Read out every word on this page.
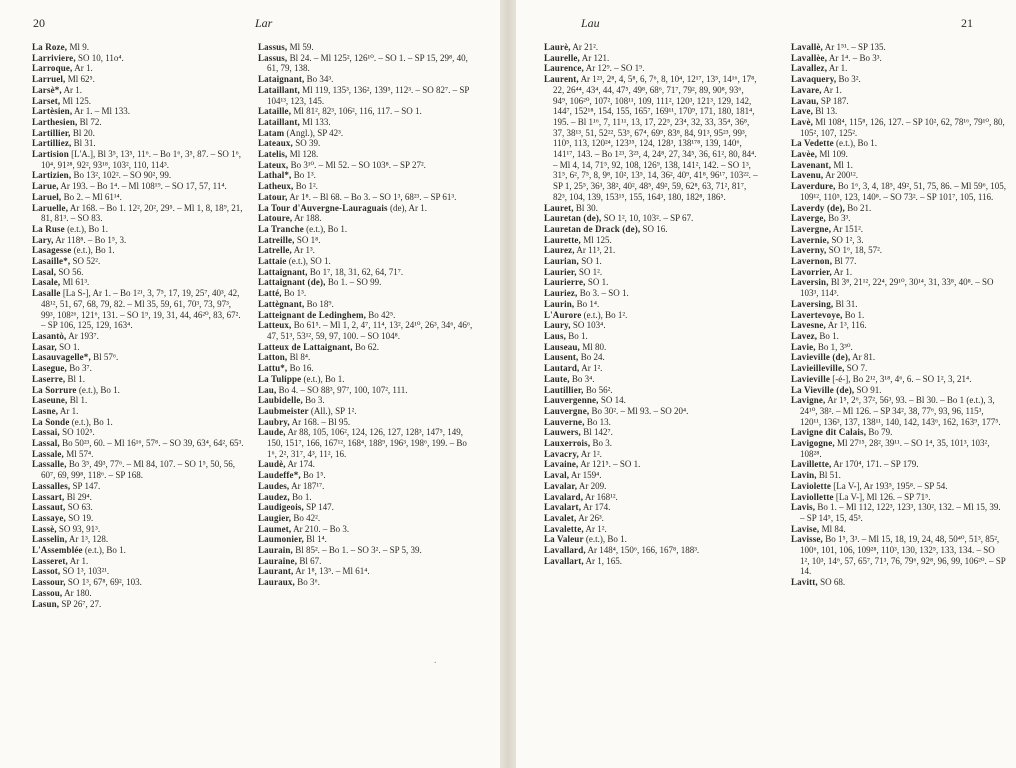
20	Lar

La Roze, Ml 9.

Larriviere, SO 10, 11o⁴.

Larroque, Ar 1.

Larruel, Ml 62⁵.

Larsè*, Ar 1.

Larset, Ml 125.

Lartèsien, Ar 1. – Ml 133.

Larthesien, Bl 72.

Lartillier, Bl 20.

Lartilliez, Bl 31.

Lartision [L'A.], Bl 3⁵, 13⁵, 11⁶. – Bo 1⁶, 3⁵, 87. – SO 1⁶, 10⁴, 91²⁸, 92², 93¹⁸, 103², 110, 114³.

Lartizien, Bo 13², 102². – SO 90², 99.

Larue, Ar 193. – Bo 1⁴. – Ml 108¹⁹. – SO 17, 57, 11⁴.

Laruel, Bo 2. – Ml 61¹⁴.

Laruelle, Ar 168. – Bo 1. 12², 20², 29⁵. – Ml 1, 8, 18⁹, 21, 81, 81³. – SO 83.

La Ruse (e.t.), Bo 1.

Lary, Ar 118⁸. – Bo 1⁵, 3.

Lasagesse (e.t.), Bo 1.

Lasaille*, SO 52².

Lasal, SO 56.

Lasale, Ml 61³.

Lasalle [La S-], Ar 1. – Bo 1²¹, 3, 7⁵, 17, 19, 25⁷, 40³, 42, 48¹², 51, 67, 68, 79, 82. – Ml 35, 59, 61, 70³, 73, 97³, 99³, 108²⁶, 121⁶, 131. – SO 1⁹, 19, 31, 44, 46²⁰, 83, 67². – SP 106, 125, 129, 163⁴.

Lasantò, Ar 193⁷.

Lasar, SO 1.

Lasauvagelle*, Bl 57⁶.

Lasegue, Bo 3⁷.

Laserre, Bl 1.

La Sorrure (e.t.), Bo 1.

Laseune, Bl 1.

Lasne, Ar 1.

La Sonde (e.t.), Bo 1.

Lassai, SO 102⁵.

Lassal, Bo 50²³, 60. – Ml 16¹⁶, 57⁸. – SO 39, 63⁴, 64², 65³.

Lassale, Ml 57⁴.

Lassalle, Bo 3⁵, 49³, 77⁶. – Ml 84, 107. – SO 1⁵, 50, 56, 60⁷, 69, 99⁸, 118⁶. – SP 168.

Lassalles, SP 147.

Lassart, Bl 29⁴.

Lassaut, SO 63.

Lassaye, SO 19.

Lassè, SO 93, 91³.

Lasselin, Ar 1³, 128.

L'Assemblée (e.t.), Bo 1.

Lasseret, Ar 1.

Lassot, SO 1³, 103²¹.

Lassour, SO 1³, 67⁸, 69², 103.

Lassou, Ar 180.

Lasun, SP 26⁷, 27.

Lassus, Ml 59.

Lassus, Bl 24. – Ml 125², 126¹⁰. – SO 1. – SP 15, 29⁸, 40, 61, 79, 138.

Lataignant, Bo 34³.

Lataillant, Ml 119, 135³, 136², 139⁵, 112³. – SO 82⁷. – SP 104¹³, 123, 145.

Lataille, Ml 81², 82³, 106², 116, 117. – SO 1.

Lataillant, Ml 133.

Latam (Angl.), SP 42³.

Lateaux, SO 39.

Latelis, Ml 128.

Lateux, Bo 3¹⁰. – Ml 52. – SO 103⁸. – SP 27².

Lathal*, Bo 1³.

Latheux, Bo 1².

Latour, Ar 1⁸. – Bl 68. – Bo 3. – SO 1³, 68²³. – SP 61³.

La Tour d'Auvergne-Lauraguais (de), Ar 1.

Latoure, Ar 188.

La Tranche (e.t.), Bo 1.

Latreille, SO 1⁸.

Latrelle, Ar 1³.

Lattaie (e.t.), SO 1.

Lattaignant, Bo 1⁷, 18, 31, 62, 64, 71⁷.

Lattaignant (de), Bo 1. – SO 99.

Latté, Bo 1³.

Lattègnant, Bo 18⁹.

Latteignant de Ledinghem, Bo 42⁵.

Latteux, Bo 61⁵. – Ml 1, 2, 4⁷, 11⁴, 13², 24¹⁰, 26³, 34⁶, 46⁶, 47, 51³, 53¹², 59, 97, 100. – SO 104⁸.

Latteux de Lattaignant, Bo 62.

Latton, Bl 8⁴.

Lattu*, Bo 16.

La Tulippe (e.t.), Bo 1.

Lau, Bo 4. – SO 88³, 97⁷, 100, 107², 111.

Laubidelle, Bo 3.

Laubmeister (All.), SP 1².

Laubry, Ar 168. – Bl 95.

Laude, Ar 88, 105, 106², 124, 126, 127, 128³, 147⁵, 149, 150, 151⁷, 166, 167¹², 168⁴, 188⁹, 196³, 198⁶, 199. – Bo 1⁶, 2², 31⁷, 4³, 11², 16.

Laudè, Ar 174.

Laudeffe*, Bo 1⁵.

Laudes, Ar 187¹⁷.

Laudez, Bo 1.

Laudigeois, SP 147.

Laugier, Bo 42².

Laumet, Ar 210. – Bo 3.

Laumonier, Bl 1⁴.

Laurain, Bl 85². – Bo 1. – SO 3². – SP 5, 39.

Lauraine, Bl 67.

Laurant, Ar 1⁸, 13⁵. – Ml 61⁴.

Lauraux, Bo 3⁶.

Lau	21

Laurè, Ar 21².

Laurelle, Ar 121.

Laurence, Ar 12⁹. – SO 1⁹.

Laurent, Ar 1²³, 2⁸, 4, 5⁸, 6, 7⁶, 8, 10⁴, 12¹⁷, 13⁵, 14¹⁶, 17⁸, 22, 26⁴⁴, 43⁴, 44, 47⁵, 49⁸, 68⁶, 71⁷, 79², 89, 90⁸, 93⁶, 94⁹, 106²⁰, 107², 108¹¹, 109, 111², 120³, 121³, 129, 142, 144⁷, 152¹⁸, 154, 155, 165⁷, 169¹¹, 170⁹, 171, 180, 181⁴, 195. – Bl 1¹⁶, 7, 11¹¹, 13, 17, 22⁵, 23⁴, 32, 33, 35⁴, 36⁸, 37, 38¹³, 51, 52²², 53⁵, 67⁴, 69⁹, 83⁸, 84, 91³, 95²³, 99³, 110⁵, 113, 120²⁴, 123³⁵, 124, 128³, 138¹⁷⁸, 139, 140⁶, 141¹⁷, 143. – Bo 1²³, 3²³, 4, 24⁸, 27, 34⁵, 36, 61², 80, 84⁴. – Ml 4, 14, 71⁵, 92, 108, 126⁹, 138, 141², 142. – SO 1³, 31⁵, 6², 7⁵, 8, 9⁸, 10², 13⁵, 14, 36², 40⁹, 41⁸, 96¹⁷, 103²². – SP 1, 25⁵, 36³, 38², 40², 48⁵, 49², 59, 62⁸, 63, 71², 81⁷, 82³, 104, 139, 153¹⁵, 155, 164³, 180, 182⁸, 186⁵.

Lauret, Bl 30.

Lauretan (de), SO 1², 10, 103². – SP 67.

Lauretan de Drack (de), SO 16.

Laurette, Ml 125.

Laurez, Ar 11³, 21.

Laurian, SO 1.

Laurier, SO 1².

Laurierre, SO 1.

Lauriez, Bo 3. – SO 1.

Laurin, Bo 1⁴.

L'Aurore (e.t.), Bo 1².

Laury, SO 103⁴.

Laus, Bo 1.

Lauseau, Ml 80.

Lausent, Bo 24.

Lautard, Ar 1².

Laute, Bo 3⁴.

Lautillier, Bo 56².

Lauvergenne, SO 14.

Lauvergne, Bo 30². – Ml 93. – SO 20⁴.

Lauverne, Bo 13.

Lauwers, Bl 142⁷.

Lauxerrois, Bo 3.

Lavacry, Ar 1².

Lavaine, Ar 121⁵. – SO 1.

Laval, Ar 159⁴.

Lavalar, Ar 209.

Lavalard, Ar 168¹².

Lavalart, Ar 174.

Lavalet, Ar 26³.

Lavalette, Ar 1².

La Valeur (e.t.), Bo 1.

Lavallard, Ar 148⁴, 150⁶, 166, 167⁸, 188³.

Lavallart, Ar 1, 165.

Lavallè, Ar 1⁵¹. – SP 135.

Lavallèe, Ar 1⁴. – Bo 3³.

Lavallez, Ar 1.

Lavaquery, Bo 3².

Lavare, Ar 1.

Lavau, SP 187.

Lave, Bl 13.

Lavè, Ml 108⁴, 115⁸, 126, 127. – SP 10², 62, 78¹⁶, 79¹⁰, 80, 105², 107, 125².

La Vedette (e.t.), Bo 1.

Lavèe, Ml 109.

Lavenant, Ml 1.

Lavenu, Ar 200¹².

Laverdure, Bo 1⁶, 3, 4, 18⁵, 49², 51, 75, 86. – Ml 59⁶, 105, 109¹², 110⁵, 123, 140⁸. – SO 73². – SP 101⁷, 105, 116.

Laverdy (de), Bo 21.

Laverge, Bo 3³.

Lavergne, Ar 151².

Lavernie, SO 1², 3.

Laverny, SO 1⁶, 18, 57².

Lavernon, Bl 77.

Lavorrier, Ar 1.

Laversin, Bl 3⁸, 21¹², 22⁴, 29¹⁰, 30¹⁴, 31, 33⁸, 40⁸. – SO 103³, 114³.

Laversing, Bl 31.

Lavertevoye, Bo 1.

Lavesne, Ar 1³, 116.

Lavez, Bo 1.

Lavie, Bo 1, 3³⁰.

Lavieville (de), Ar 81.

Lavieilleville, SO 7.

Lavieville [-é-], Bo 2¹², 3¹⁸, 4⁶, 6. – SO 1², 3, 21⁴.

La Vieville (de), SO 91.

Lavigne, Ar 1⁵, 2⁶, 37², 56³, 93. – Bl 30. – Bo 1 (e.t.), 3, 24¹⁰, 38². – Ml 126. – SP 34², 38, 77⁶, 93, 96, 115³, 120¹¹, 136³, 137, 138¹¹, 140, 142, 143⁶, 162, 163⁹, 177⁵.

Lavigne dit Calais, Bo 79.

Lavigogne, Ml 27¹⁵, 28², 39¹¹. – SO 1⁴, 35, 101³, 103², 108²⁸.

Lavillette, Ar 170⁴, 171. – SP 179.

Lavin, Bl 51.

Laviolette [La V-], Ar 193⁵, 195⁸. – SP 54.

Laviollette [La V-], Ml 126. – SP 71⁵.

Lavis, Bo 1. – Ml 112, 122³, 123³, 130², 132. – Ml 15, 39. – SP 14⁵, 15, 45³.

Lavise, Ml 84.

Lavisse, Bo 1⁵, 3³. – Ml 15, 18, 19, 24, 48, 50⁴⁰, 51³, 85², 100⁶, 101, 106, 109²⁸, 110³, 130, 132⁵, 133, 134. – SO 1², 10³, 14⁶, 57, 65⁷, 71³, 76, 79⁶, 92⁸, 96, 99, 106²⁰. – SP 14.

Lavitt, SO 68.

.
